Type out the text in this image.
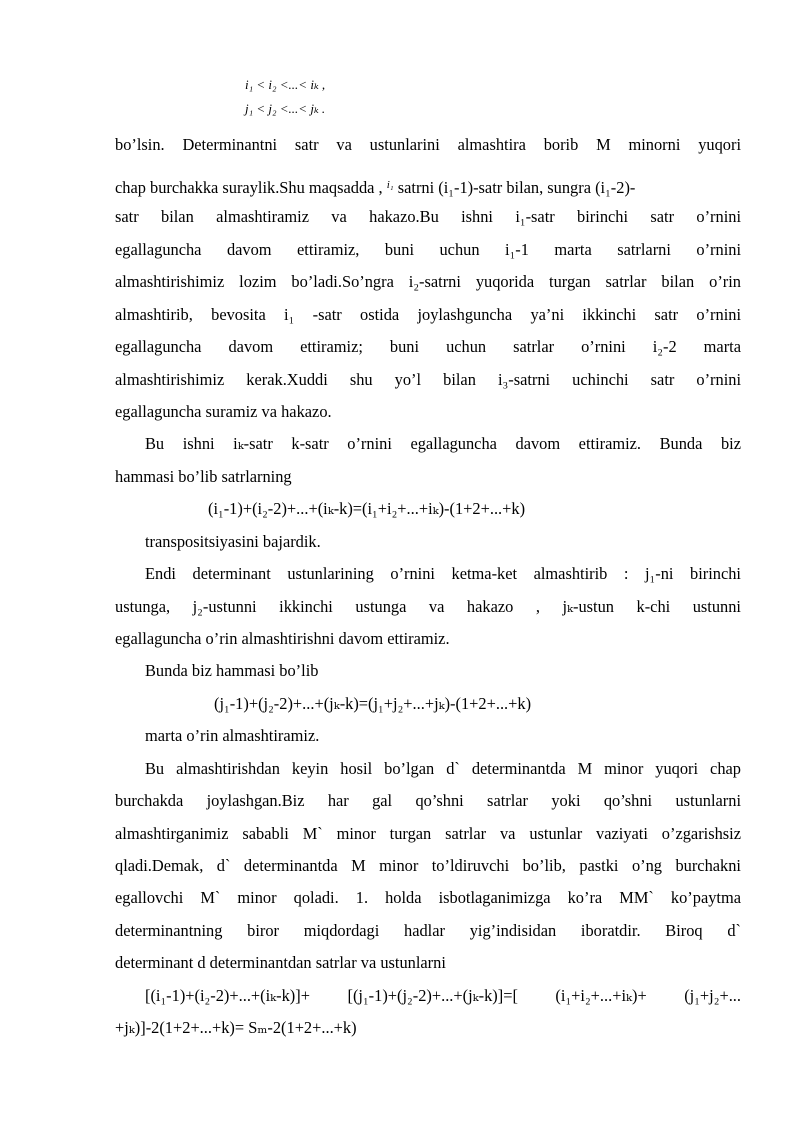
i₁ < i₂ <...< iₖ ,
j₁ < j₂ <...< jₖ .
bo’lsin. Determinantni satr va ustunlarini almashtira borib M minorni yuqori
chap burchakka suraylik.Shu maqsadda , $^{i_1}$ satrni (i₁-1)-satr bilan, sungra (i₁-2)-
satr bilan almashtiramiz va hakazo.Bu ishni i₁-satr birinchi satr o’rnini
egallaguncha davom ettiramiz, buni uchun i₁-1 marta satrlarni o’rnini
almashtirishimiz lozim bo’ladi.So’ngra i₂-satrni yuqorida turgan satrlar bilan o’rin
almashtirib, bevosita i₁ -satr ostida joylashguncha ya’ni ikkinchi satr o’rnini
egallaguncha davom ettiramiz; buni uchun satrlar o’rnini i₂-2 marta
almashtirishimiz kerak.Xuddi shu yo’l bilan i₃-satrni uchinchi satr o’rnini
egallaguncha suramiz va hakazo.
Bu ishni iₖ-satr k-satr o’rnini egallaguncha davom ettiramiz. Bunda biz
hammasi bo’lib satrlarning
(i₁-1)+(i₂-2)+...+(iₖ-k)=(i₁+i₂+...+iₖ)-(1+2+...+k)
transpositsiyasini bajardik.
Endi determinant ustunlarining o’rnini ketma-ket almashtirib : j₁-ni birinchi
ustunga, j₂-ustunni ikkinchi ustunga va hakazo , jₖ-ustun k-chi ustunni
egallaguncha o’rin almashtirishni davom ettiramiz.
Bunda biz hammasi bo’lib
(j₁-1)+(j₂-2)+...+(jₖ-k)=(j₁+j₂+...+jₖ)-(1+2+...+k)
marta o’rin almashtiramiz.
Bu almashtirishdan keyin hosil bo’lgan d` determinantda M minor yuqori chap
burchakda joylashgan.Biz har gal qo’shni satrlar yoki qo’shni ustunlarni
almashtirganimiz sababli M` minor turgan satrlar va ustunlar vaziyati o’zgarishsiz
qladi.Demak, d` determinantda M minor to’ldiruvchi bo’lib, pastki o’ng burchakni
egallovchi M` minor qoladi. 1. holda isbotlaganimizga ko’ra MM` ko’paytma
determinantning biror miqdordagi hadlar yig’indisidan iboratdir. Biroq d`
determinant d determinantdan satrlar va ustunlarni
[(i₁-1)+(i₂-2)+...+(iₖ-k)]+ [(j₁-1)+(j₂-2)+...+(jₖ-k)]=[ (i₁+i₂+...+iₖ)+ (j₁+j₂+...
+jₖ)]-2(1+2+...+k)= Sₘ-2(1+2+...+k)
